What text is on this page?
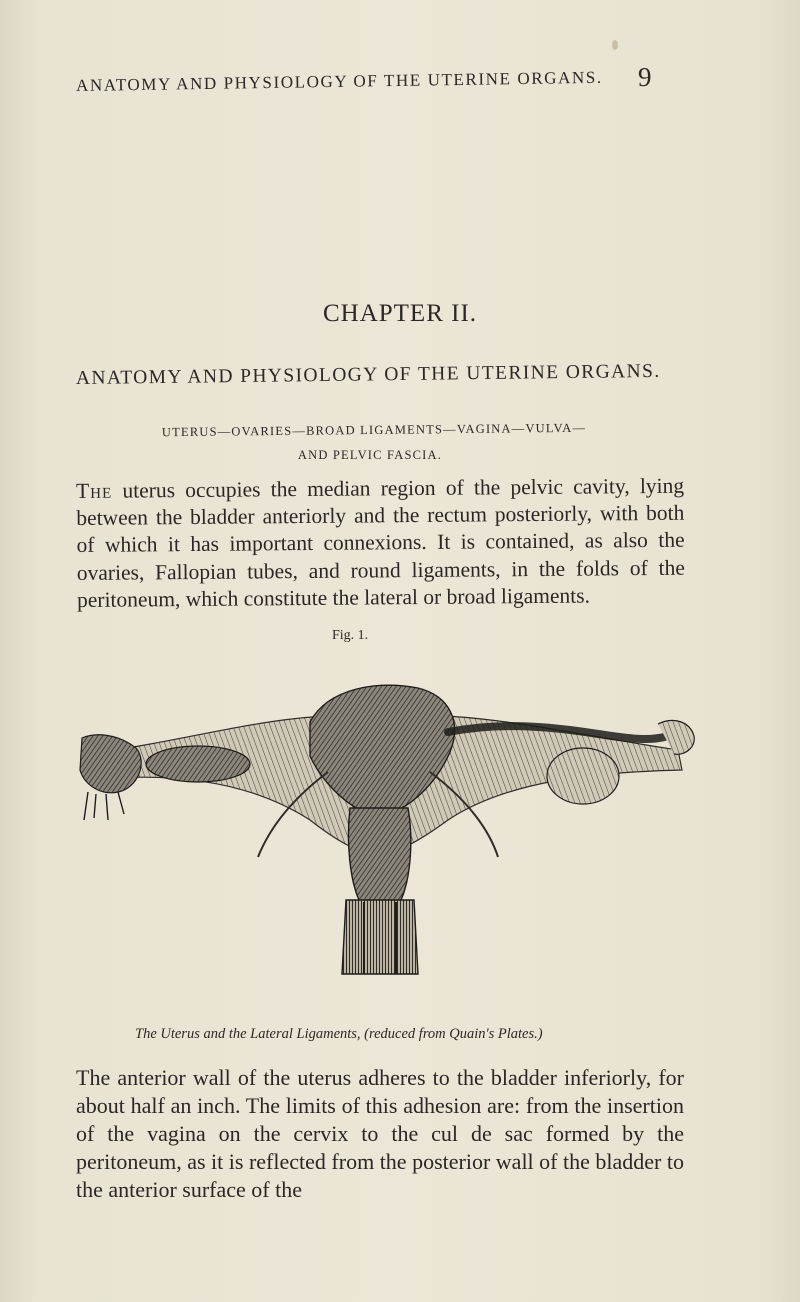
ANATOMY AND PHYSIOLOGY OF THE UTERINE ORGANS.	9
CHAPTER II.
ANATOMY AND PHYSIOLOGY OF THE UTERINE ORGANS.
UTERUS—OVARIES—BROAD LIGAMENTS—VAGINA—VULVA—
AND PELVIC FASCIA.
The uterus occupies the median region of the pelvic cavity, lying between the bladder anteriorly and the rectum posteriorly, with both of which it has important connexions. It is contained, as also the ovaries, Fallopian tubes, and round ligaments, in the folds of the peritoneum, which constitute the lateral or broad ligaments.
Fig. 1.
The Uterus and the Lateral Ligaments, (reduced from Quain's Plates.)
The anterior wall of the uterus adheres to the bladder inferiorly, for about half an inch. The limits of this adhesion are: from the insertion of the vagina on the cervix to the cul de sac formed by the peritoneum, as it is reflected from the posterior wall of the bladder to the anterior surface of the
